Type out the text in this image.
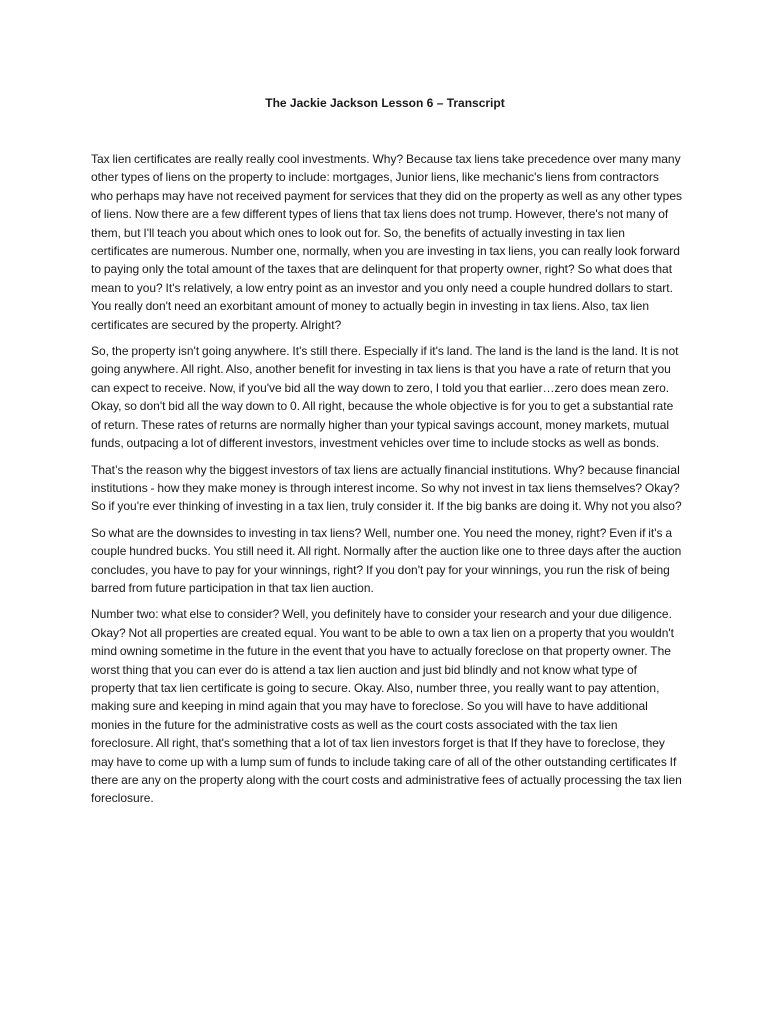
The Jackie Jackson Lesson 6 – Transcript

Tax lien certificates are really really cool investments. Why? Because tax liens take precedence over many many other types of liens on the property to include: mortgages, Junior liens, like mechanic's liens from contractors who perhaps may have not received payment for services that they did on the property as well as any other types of liens. Now there are a few different types of liens that tax liens does not trump. However, there's not many of them, but I'll teach you about which ones to look out for. So, the benefits of actually investing in tax lien certificates are numerous. Number one, normally, when you are investing in tax liens, you can really look forward to paying only the total amount of the taxes that are delinquent for that property owner, right? So what does that mean to you? It's relatively, a low entry point as an investor and you only need a couple hundred dollars to start. You really don't need an exorbitant amount of money to actually begin in investing in tax liens. Also, tax lien certificates are secured by the property. Alright?

So, the property isn't going anywhere. It's still there. Especially if it's land. The land is the land is the land. It is not going anywhere. All right. Also, another benefit for investing in tax liens is that you have a rate of return that you can expect to receive. Now, if you've bid all the way down to zero, I told you that earlier…zero does mean zero. Okay, so don't bid all the way down to 0. All right, because the whole objective is for you to get a substantial rate of return. These rates of returns are normally higher than your typical savings account, money markets, mutual funds, outpacing a lot of different investors, investment vehicles over time to include stocks as well as bonds.

That’s the reason why the biggest investors of tax liens are actually financial institutions. Why? because financial institutions - how they make money is through interest income. So why not invest in tax liens themselves? Okay? So if you're ever thinking of investing in a tax lien, truly consider it. If the big banks are doing it. Why not you also?

So what are the downsides to investing in tax liens? Well, number one. You need the money, right? Even if it's a couple hundred bucks. You still need it. All right. Normally after the auction like one to three days after the auction concludes, you have to pay for your winnings, right? If you don't pay for your winnings, you run the risk of being barred from future participation in that tax lien auction.

Number two: what else to consider? Well, you definitely have to consider your research and your due diligence. Okay? Not all properties are created equal. You want to be able to own a tax lien on a property that you wouldn't mind owning sometime in the future in the event that you have to actually foreclose on that property owner. The worst thing that you can ever do is attend a tax lien auction and just bid blindly and not know what type of property that tax lien certificate is going to secure. Okay. Also, number three, you really want to pay attention, making sure and keeping in mind again that you may have to foreclose. So you will have to have additional monies in the future for the administrative costs as well as the court costs associated with the tax lien foreclosure. All right, that's something that a lot of tax lien investors forget is that If they have to foreclose, they may have to come up with a lump sum of funds to include taking care of all of the other outstanding certificates If there are any on the property along with the court costs and administrative fees of actually processing the tax lien foreclosure.
